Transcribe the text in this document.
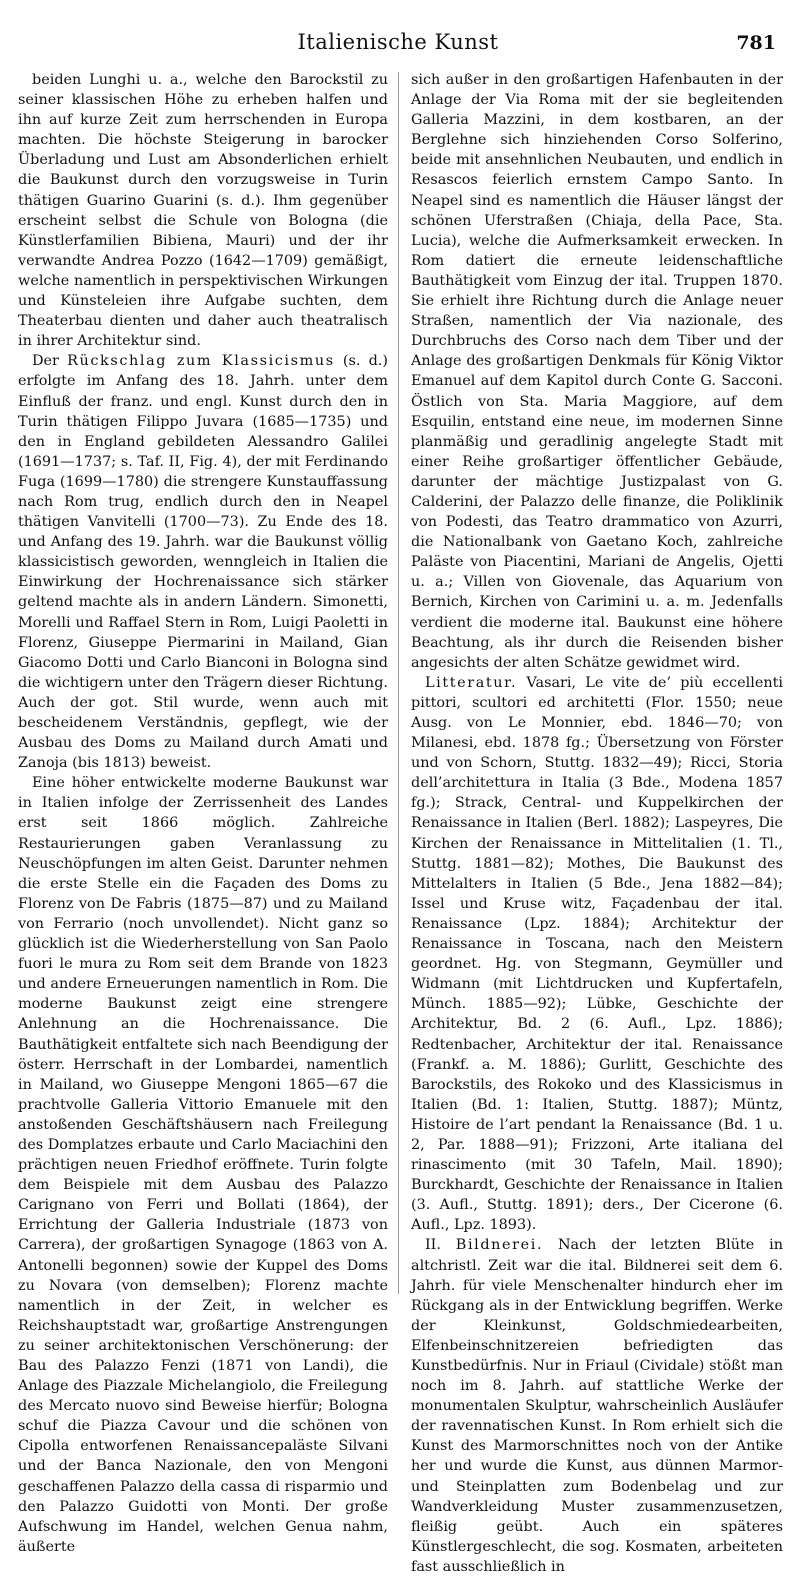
Italienische Kunst	781

beiden Lunghi u. a., welche den Barockstil zu seiner klassischen Höhe zu erheben halfen und ihn auf kurze Zeit zum herrschenden in Europa machten. Die höchste Steigerung in barocker Überladung und Lust am Absonderlichen erhielt die Baukunst durch den vorzugsweise in Turin thätigen Guarino Guarini (s. d.). Ihm gegenüber erscheint selbst die Schule von Bologna (die Künstlerfamilien Bibiena, Mauri) und der ihr verwandte Andrea Pozzo (1642—1709) gemäßigt, welche namentlich in perspektivischen Wirkungen und Künsteleien ihre Aufgabe suchten, dem Theaterbau dienten und daher auch theatralisch in ihrer Architektur sind.

Der Rückschlag zum Klassicismus (s. d.) erfolgte im Anfang des 18. Jahrh. unter dem Einfluß der franz. und engl. Kunst durch den in Turin thätigen Filippo Juvara (1685—1735) und den in England gebildeten Alessandro Galilei (1691—1737; s. Taf. II, Fig. 4), der mit Ferdinando Fuga (1699—1780) die strengere Kunstauffassung nach Rom trug, endlich durch den in Neapel thätigen Vanvitelli (1700—73). Zu Ende des 18. und Anfang des 19. Jahrh. war die Baukunst völlig klassicistisch geworden, wenngleich in Italien die Einwirkung der Hochrenaissance sich stärker geltend machte als in andern Ländern. Simonetti, Morelli und Raffael Stern in Rom, Luigi Paoletti in Florenz, Giuseppe Piermarini in Mailand, Gian Giacomo Dotti und Carlo Bianconi in Bologna sind die wichtigern unter den Trägern dieser Richtung. Auch der got. Stil wurde, wenn auch mit bescheidenem Verständnis, gepflegt, wie der Ausbau des Doms zu Mailand durch Amati und Zanoja (bis 1813) beweist.

Eine höher entwickelte moderne Baukunst war in Italien infolge der Zerrissenheit des Landes erst seit 1866 möglich. Zahlreiche Restaurierungen gaben Veranlassung zu Neuschöpfungen im alten Geist. Darunter nehmen die erste Stelle ein die Façaden des Doms zu Florenz von De Fabris (1875—87) und zu Mailand von Ferrario (noch unvollendet). Nicht ganz so glücklich ist die Wiederherstellung von San Paolo fuori le mura zu Rom seit dem Brande von 1823 und andere Erneuerungen namentlich in Rom. Die moderne Baukunst zeigt eine strengere Anlehnung an die Hochrenaissance. Die Bauthätigkeit entfaltete sich nach Beendigung der österr. Herrschaft in der Lombardei, namentlich in Mailand, wo Giuseppe Mengoni 1865—67 die prachtvolle Galleria Vittorio Emanuele mit den anstoßenden Geschäftshäusern nach Freilegung des Domplatzes erbaute und Carlo Maciachini den prächtigen neuen Friedhof eröffnete. Turin folgte dem Beispiele mit dem Ausbau des Palazzo Carignano von Ferri und Bollati (1864), der Errichtung der Galleria Industriale (1873 von Carrera), der großartigen Synagoge (1863 von A. Antonelli begonnen) sowie der Kuppel des Doms zu Novara (von demselben); Florenz machte namentlich in der Zeit, in welcher es Reichshauptstadt war, großartige Anstrengungen zu seiner architektonischen Verschönerung: der Bau des Palazzo Fenzi (1871 von Landi), die Anlage des Piazzale Michelangiolo, die Freilegung des Mercato nuovo sind Beweise hierfür; Bologna schuf die Piazza Cavour und die schönen von Cipolla entworfenen Renaissancepaläste Silvani und der Banca Nazionale, den von Mengoni geschaffenen Palazzo della cassa di risparmio und den Palazzo Guidotti von Monti. Der große Aufschwung im Handel, welchen Genua nahm, äußerte

sich außer in den großartigen Hafenbauten in der Anlage der Via Roma mit der sie begleitenden Galleria Mazzini, in dem kostbaren, an der Berglehne sich hinziehenden Corso Solferino, beide mit ansehnlichen Neubauten, und endlich in Resascos feierlich ernstem Campo Santo. In Neapel sind es namentlich die Häuser längst der schönen Uferstraßen (Chiaja, della Pace, Sta. Lucia), welche die Aufmerksamkeit erwecken. In Rom datiert die erneute leidenschaftliche Bauthätigkeit vom Einzug der ital. Truppen 1870. Sie erhielt ihre Richtung durch die Anlage neuer Straßen, namentlich der Via nazionale, des Durchbruchs des Corso nach dem Tiber und der Anlage des großartigen Denkmals für König Viktor Emanuel auf dem Kapitol durch Conte G. Sacconi. Östlich von Sta. Maria Maggiore, auf dem Esquilin, entstand eine neue, im modernen Sinne planmäßig und geradlinig angelegte Stadt mit einer Reihe großartiger öffentlicher Gebäude, darunter der mächtige Justizpalast von G. Calderini, der Palazzo delle finanze, die Poliklinik von Podesti, das Teatro drammatico von Azurri, die Nationalbank von Gaetano Koch, zahlreiche Paläste von Piacentini, Mariani de Angelis, Ojetti u. a.; Villen von Giovenale, das Aquarium von Bernich, Kirchen von Carimini u. a. m. Jedenfalls verdient die moderne ital. Baukunst eine höhere Beachtung, als ihr durch die Reisenden bisher angesichts der alten Schätze gewidmet wird.

Litteratur. Vasari, Le vite de’ più eccellenti pittori, scultori ed architetti (Flor. 1550; neue Ausg. von Le Monnier, ebd. 1846—70; von Milanesi, ebd. 1878 fg.; Übersetzung von Förster und von Schorn, Stuttg. 1832—49); Ricci, Storia dell’architettura in Italia (3 Bde., Modena 1857 fg.); Strack, Central- und Kuppelkirchen der Renaissance in Italien (Berl. 1882); Laspeyres, Die Kirchen der Renaissance in Mittelitalien (1. Tl., Stuttg. 1881—82); Mothes, Die Baukunst des Mittelalters in Italien (5 Bde., Jena 1882—84); Issel und Kruse witz, Façadenbau der ital. Renaissance (Lpz. 1884); Architektur der Renaissance in Toscana, nach den Meistern geordnet. Hg. von Stegmann, Geymüller und Widmann (mit Lichtdrucken und Kupfertafeln, Münch. 1885—92); Lübke, Geschichte der Architektur, Bd. 2 (6. Aufl., Lpz. 1886); Redtenbacher, Architektur der ital. Renaissance (Frankf. a. M. 1886); Gurlitt, Geschichte des Barockstils, des Rokoko und des Klassicismus in Italien (Bd. 1: Italien, Stuttg. 1887); Müntz, Histoire de l’art pendant la Renaissance (Bd. 1 u. 2, Par. 1888—91); Frizzoni, Arte italiana del rinascimento (mit 30 Tafeln, Mail. 1890); Burckhardt, Geschichte der Renaissance in Italien (3. Aufl., Stuttg. 1891); ders., Der Cicerone (6. Aufl., Lpz. 1893).

II. Bildnerei. Nach der letzten Blüte in altchristl. Zeit war die ital. Bildnerei seit dem 6. Jahrh. für viele Menschenalter hindurch eher im Rückgang als in der Entwicklung begriffen. Werke der Kleinkunst, Goldschmiedearbeiten, Elfenbeinschnitzereien befriedigten das Kunstbedürfnis. Nur in Friaul (Cividale) stößt man noch im 8. Jahrh. auf stattliche Werke der monumentalen Skulptur, wahrscheinlich Ausläufer der ravennatischen Kunst. In Rom erhielt sich die Kunst des Marmorschnittes noch von der Antike her und wurde die Kunst, aus dünnen Marmor- und Steinplatten zum Bodenbelag und zur Wandverkleidung Muster zusammenzusetzen, fleißig geübt. Auch ein späteres Künstlergeschlecht, die sog. Kosmaten, arbeiteten fast ausschließlich in
